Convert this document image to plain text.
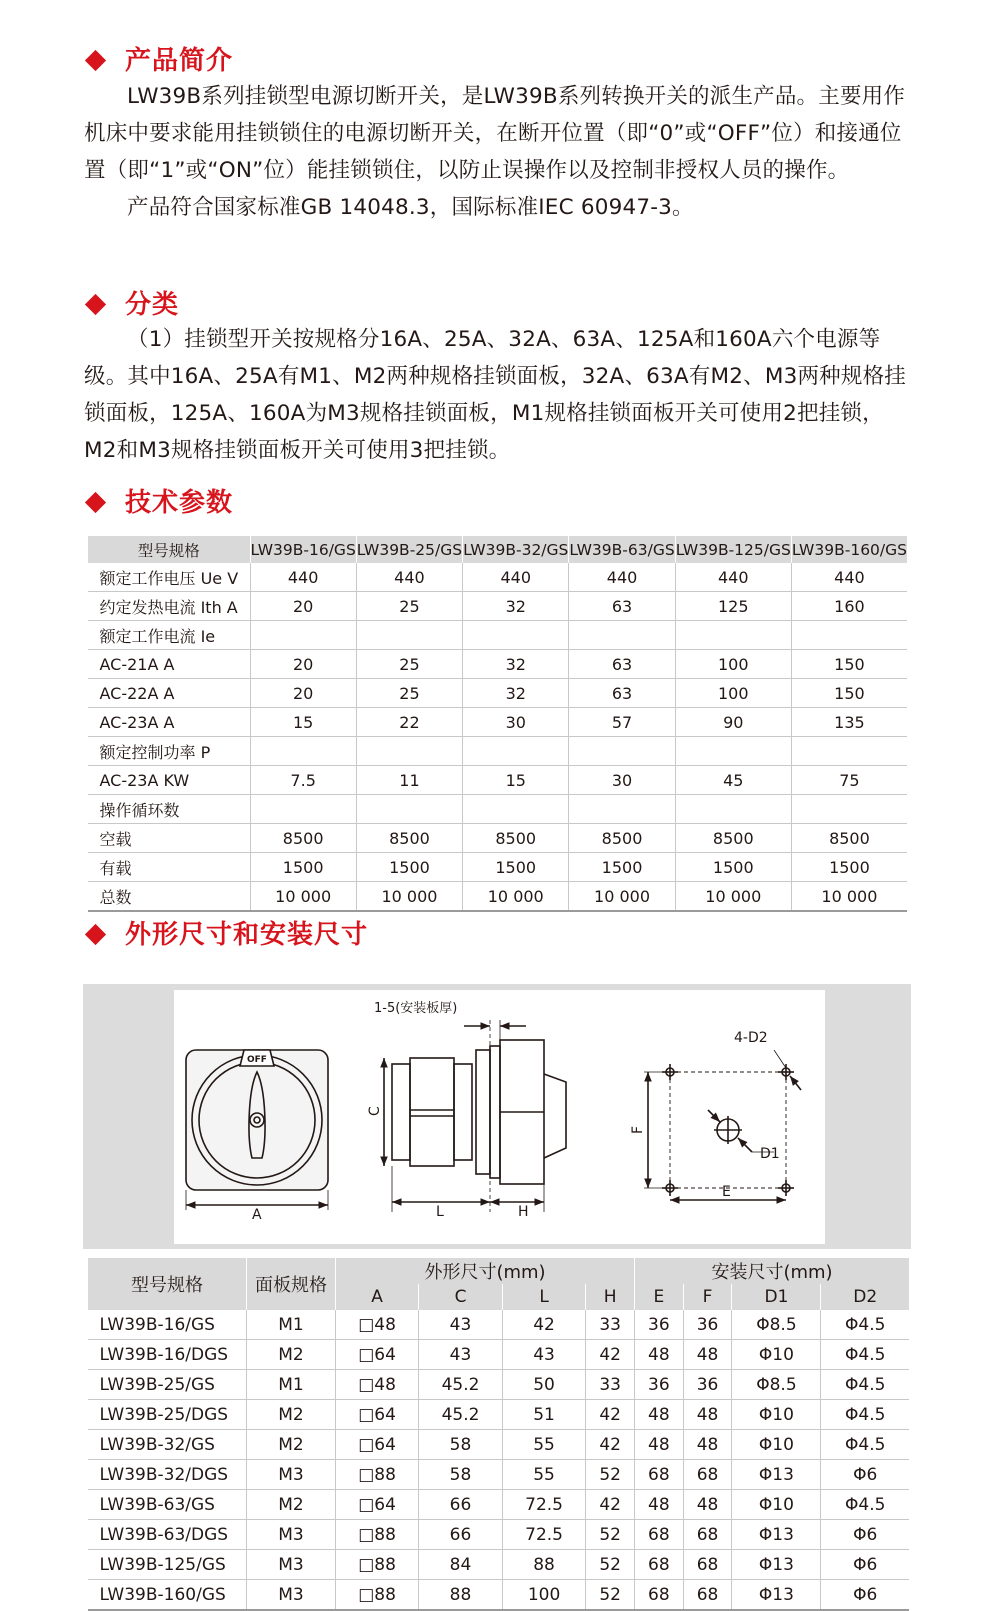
产品简介

LW39B系列挂锁型电源切断开关，是LW39B系列转换开关的派生产品。主要用作机床中要求能用挂锁锁住的电源切断开关，在断开位置（即“0”或“OFF”位）和接通位置（即“1”或“ON”位）能挂锁锁住，以防止误操作以及控制非授权人员的操作。

产品符合国家标准GB 14048.3，国际标准IEC 60947-3。

分类

（1）挂锁型开关按规格分16A、25A、32A、63A、125A和160A六个电源等级。其中16A、25A有M1、M2两种规格挂锁面板，32A、63A有M2、M3两种规格挂锁面板，125A、160A为M3规格挂锁面板，M1规格挂锁面板开关可使用2把挂锁，M2和M3规格挂锁面板开关可使用3把挂锁。

技术参数
型号规格	LW39B-16/GS	LW39B-25/GS	LW39B-32/GS	LW39B-63/GS	LW39B-125/GS	LW39B-160/GS
额定工作电压 Ue V	440	440	440	440	440	440
约定发热电流 Ith A	20	25	32	63	125	160
额定工作电流 Ie						
AC-21A A	20	25	32	63	100	150
AC-22A A	20	25	32	63	100	150
AC-23A A	15	22	30	57	90	135
额定控制功率 P						
AC-23A KW	7.5	11	15	30	45	75
操作循环数						
空载	8500	8500	8500	8500	8500	8500
有载	1500	1500	1500	1500	1500	1500
总数	10 000	10 000	10 000	10 000	10 000	10 000
外形尺寸和安装尺寸
1-5(安装板厚)
OFF
A
C
L	H
4-D2
F
D1
E
型号规格	面板规格	外形尺寸(mm)				安装尺寸(mm)			
		A	C	L	H	E	F	D1	D2
LW39B-16/GS	M1	□48	43	42	33	36	36	Φ8.5	Φ4.5
LW39B-16/DGS	M2	□64	43	43	42	48	48	Φ10	Φ4.5
LW39B-25/GS	M1	□48	45.2	50	33	36	36	Φ8.5	Φ4.5
LW39B-25/DGS	M2	□64	45.2	51	42	48	48	Φ10	Φ4.5
LW39B-32/GS	M2	□64	58	55	42	48	48	Φ10	Φ4.5
LW39B-32/DGS	M3	□88	58	55	52	68	68	Φ13	Φ6
LW39B-63/GS	M2	□64	66	72.5	42	48	48	Φ10	Φ4.5
LW39B-63/DGS	M3	□88	66	72.5	52	68	68	Φ13	Φ6
LW39B-125/GS	M3	□88	84	88	52	68	68	Φ13	Φ6
LW39B-160/GS	M3	□88	88	100	52	68	68	Φ13	Φ6
